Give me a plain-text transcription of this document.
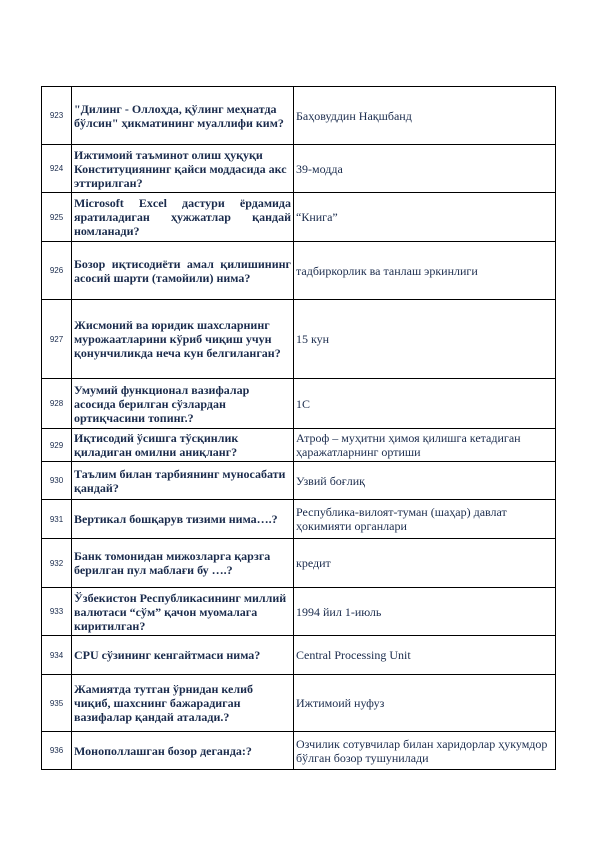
923	"Дилинг - Оллоҳда, қўлинг меҳнатда бўлсин" ҳикматининг муаллифи ким?	Баҳовуддин Нақшбанд
924	Ижтимоий таъминот олиш ҳуқуқи Конституциянинг қайси моддасида акс эттирилган?	39-модда
925	Microsoft Excel дастури ёрдамида яратиладиган ҳужжатлар қандай номланади?	“Книга”
926	Бозор иқтисодиёти амал қилишининг асосий шарти (тамойили) нима?	тадбиркорлик ва танлаш эркинлиги
927	Жисмоний ва юридик шахсларнинг мурожаатларини кўриб чиқиш учун қонунчиликда неча кун белгиланган?	15 кун
928	Умумий функционал вазифалар асосида берилган сўзлардан ортиқчасини топинг.?	1С
929	Иқтисодий ўсишга тўсқинлик қиладиган омилни аниқланг?	Атроф – муҳитни ҳимоя қилишга кетадиган ҳаражатларнинг ортиши
930	Таълим билан тарбиянинг муносабати қандай?	Узвий боғлиқ
931	Вертикал бошқарув тизими нима….?	Республика-вилоят-туман (шаҳар) давлат ҳокимияти органлари
932	Банк томонидан мижозларга қарзга берилган пул маблағи бу ….?	кредит
933	Ўзбекистон Республикасининг миллий валютаси “сўм” қачон муомалага киритилган?	1994 йил 1-июль
934	CPU сўзининг кенгайтмаси нима?	Central Processing Unit
935	Жамиятда тутган ўрнидан келиб чиқиб, шахснинг бажарадиган вазифалар қандай аталади.?	Ижтимоий нуфуз
936	Монополлашган бозор деганда:?	Озчилик сотувчилар билан харидорлар ҳукумдор бўлган бозор тушунилади
